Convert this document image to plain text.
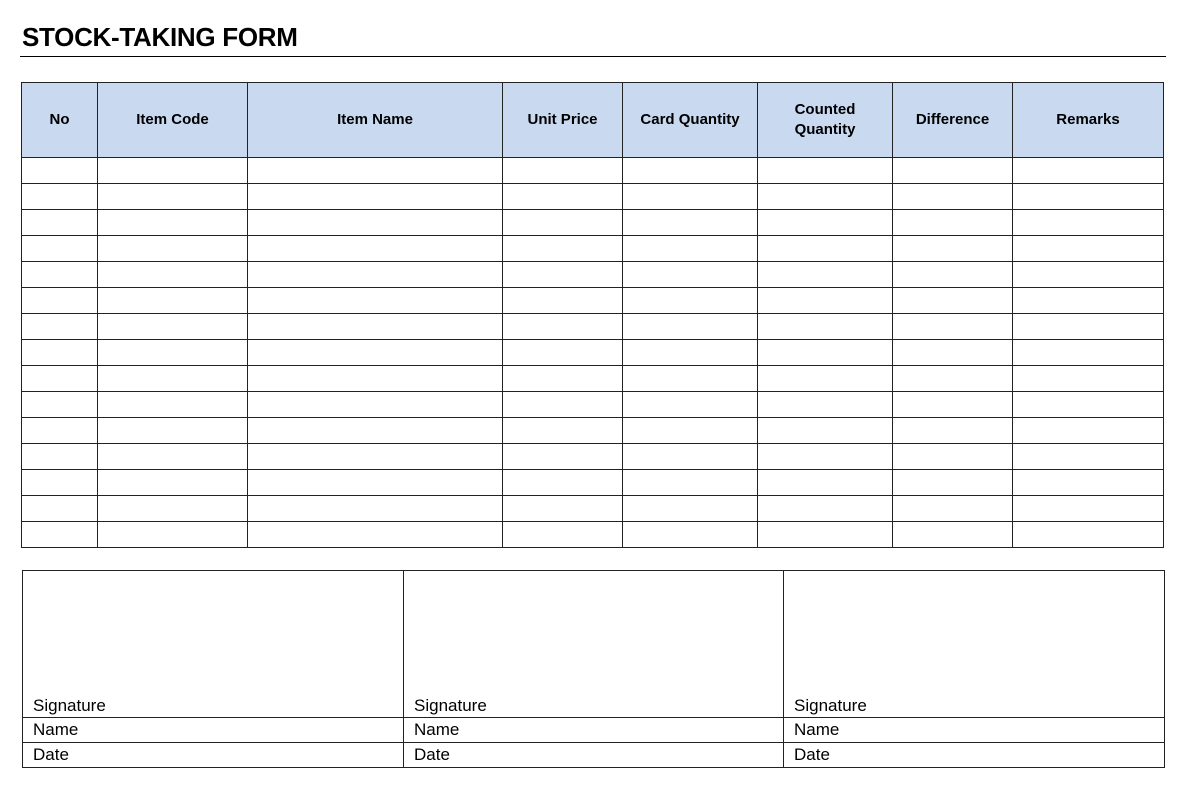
STOCK-TAKING FORM
No	Item Code	Item Name	Unit Price	Card Quantity	Counted Quantity	Difference	Remarks

Signature	Signature	Signature

Name	Name	Name
Date	Date	Date
